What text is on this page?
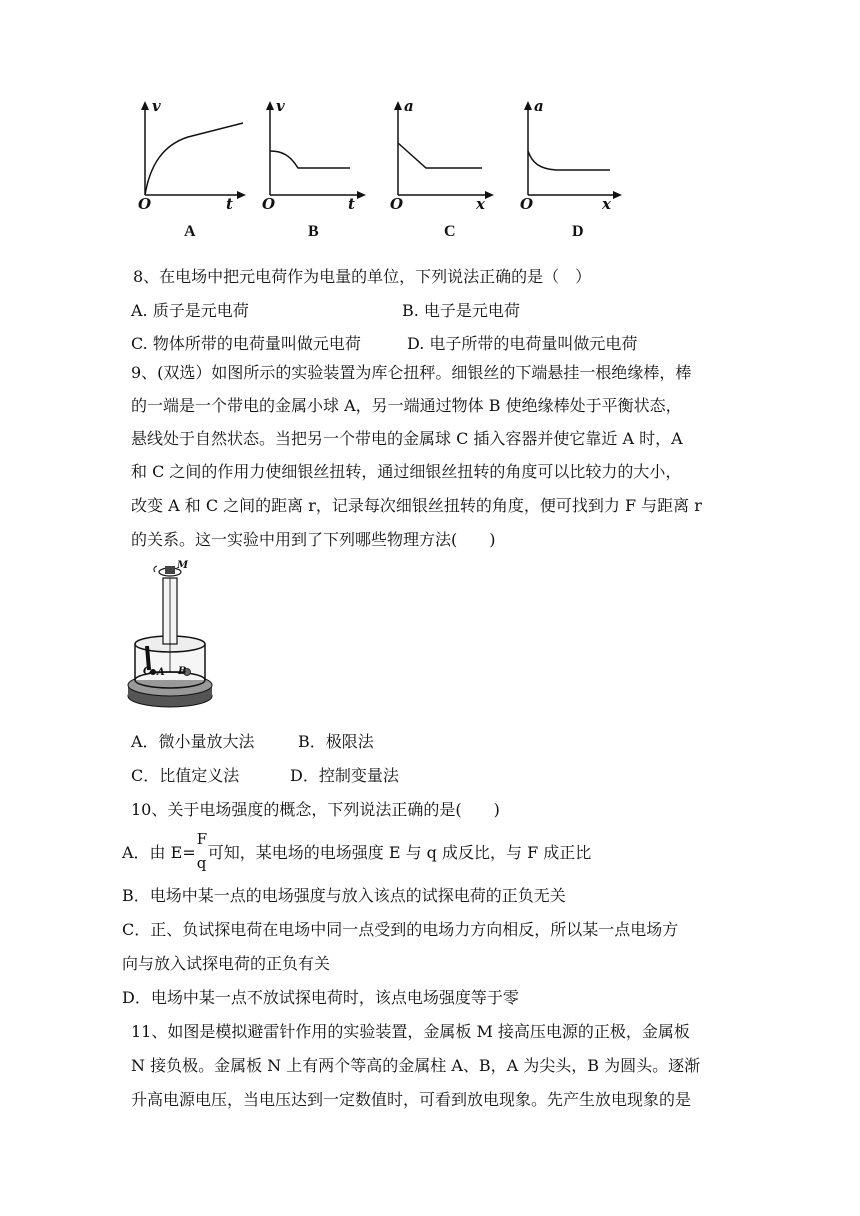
v
O	t
A
v
O	t
B
a
O	x
C
a
O	x
D
8、在电场中把元电荷作为电量的单位，下列说法正确的是（　）
A. 质子是元电荷	B. 电子是元电荷
C. 物体所带的电荷量叫做元电荷	D. 电子所带的电荷量叫做元电荷
9、(双选）如图所示的实验装置为库仑扭秤。细银丝的下端悬挂一根绝缘棒，棒
的一端是一个带电的金属小球 A，另一端通过物体 B 使绝缘棒处于平衡状态，
悬线处于自然状态。当把另一个带电的金属球 C 插入容器并使它靠近 A 时，A
和 C 之间的作用力使细银丝扭转，通过细银丝扭转的角度可以比较力的大小，
改变 A 和 C 之间的距离 r，记录每次细银丝扭转的角度，便可找到力 F 与距离 r
的关系。这一实验中用到了下列哪些物理方法(　　)
M
C A B
A．微小量放大法	B．极限法
C．比值定义法	D．控制变量法
10、关于电场强度的概念，下列说法正确的是(　　)
A．由 E=
F
q
可知，某电场的电场强度 E 与 q 成反比，与 F 成正比
B．电场中某一点的电场强度与放入该点的试探电荷的正负无关
C．正、负试探电荷在电场中同一点受到的电场力方向相反，所以某一点电场方
向与放入试探电荷的正负有关
D．电场中某一点不放试探电荷时，该点电场强度等于零
11、如图是模拟避雷针作用的实验装置，金属板 M 接高压电源的正极，金属板
N 接负极。金属板 N 上有两个等高的金属柱 A、B，A 为尖头，B 为圆头。逐渐
升高电源电压，当电压达到一定数值时，可看到放电现象。先产生放电现象的是
